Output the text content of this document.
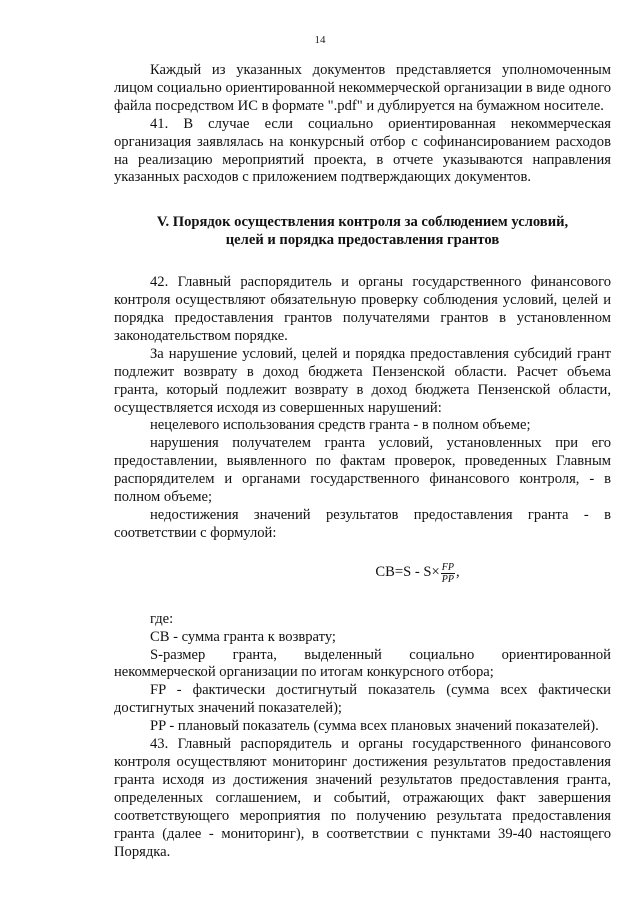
14

Каждый из указанных документов представляется уполномоченным лицом социально ориентированной некоммерческой организации в виде одного файла посредством ИС в формате ".pdf" и дублируется на бумажном носителе.

41. В случае если социально ориентированная некоммерческая организация заявлялась на конкурсный отбор с софинансированием расходов на реализацию мероприятий проекта, в отчете указываются направления указанных расходов с приложением подтверждающих документов.

V. Порядок осуществления контроля за соблюдением условий,
целей и порядка предоставления грантов

42. Главный распорядитель и органы государственного финансового контроля осуществляют обязательную проверку соблюдения условий, целей и порядка предоставления грантов получателями грантов в установленном законодательством порядке.

За нарушение условий, целей и порядка предоставления субсидий грант подлежит возврату в доход бюджета Пензенской области. Расчет объема гранта, который подлежит возврату в доход бюджета Пензенской области, осуществляется исходя из совершенных нарушений:

нецелевого использования средств гранта - в полном объеме;

нарушения получателем гранта условий, установленных при его предоставлении, выявленного по фактам проверок, проведенных Главным распорядителем и органами государственного финансового контроля, - в полном объеме;

недостижения значений результатов предоставления гранта - в соответствии с формулой:

$CB=S - S\times \frac{FP}{PP}$ ,

где:

СВ - сумма гранта к возврату;

S-размер гранта, выделенный социально ориентированной некоммерческой организации по итогам конкурсного отбора;

FP - фактически достигнутый показатель (сумма всех фактически достигнутых значений показателей);

PP - плановый показатель (сумма всех плановых значений показателей).

43. Главный распорядитель и органы государственного финансового контроля осуществляют мониторинг достижения результатов предоставления гранта исходя из достижения значений результатов предоставления гранта, определенных соглашением, и событий, отражающих факт завершения соответствующего мероприятия по получению результата предоставления гранта (далее - мониторинг), в соответствии с пунктами 39-40 настоящего Порядка.
